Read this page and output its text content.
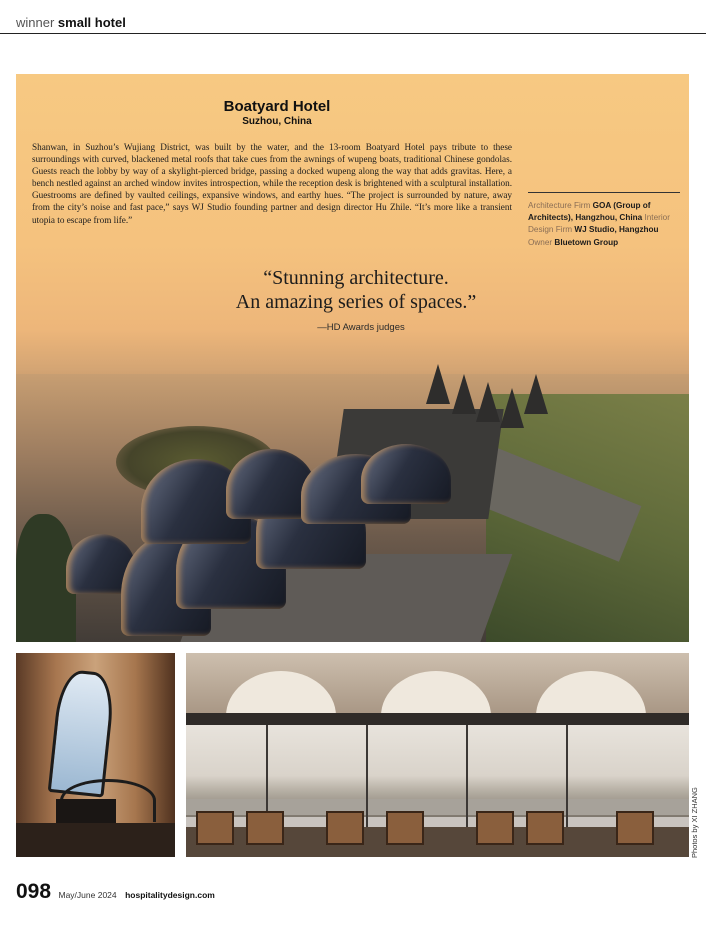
winner small hotel
Boatyard Hotel
Suzhou, China
Shanwan, in Suzhou’s Wujiang District, was built by the water, and the 13-room Boatyard Hotel pays tribute to these surroundings with curved, blackened metal roofs that take cues from the awnings of wupeng boats, traditional Chinese gondolas. Guests reach the lobby by way of a skylight-pierced bridge, passing a docked wupeng along the way that adds gravitas. Here, a bench nestled against an arched window invites introspection, while the reception desk is brightened with a sculptural installation. Guestrooms are defined by vaulted ceilings, expansive windows, and earthy hues. “The project is surrounded by nature, away from the city’s noise and fast pace,” says WJ Studio founding partner and design director Hu Zhile. “It’s more like a transient utopia to escape from life.”
Architecture Firm GOA (Group of Architects), Hangzhou, China Interior Design Firm WJ Studio, Hangzhou Owner Bluetown Group
“Stunning architecture.
An amazing series of spaces.”
—HD Awards judges
Photos by XI ZHANG
098 May/June 2024 hospitalitydesign.com
